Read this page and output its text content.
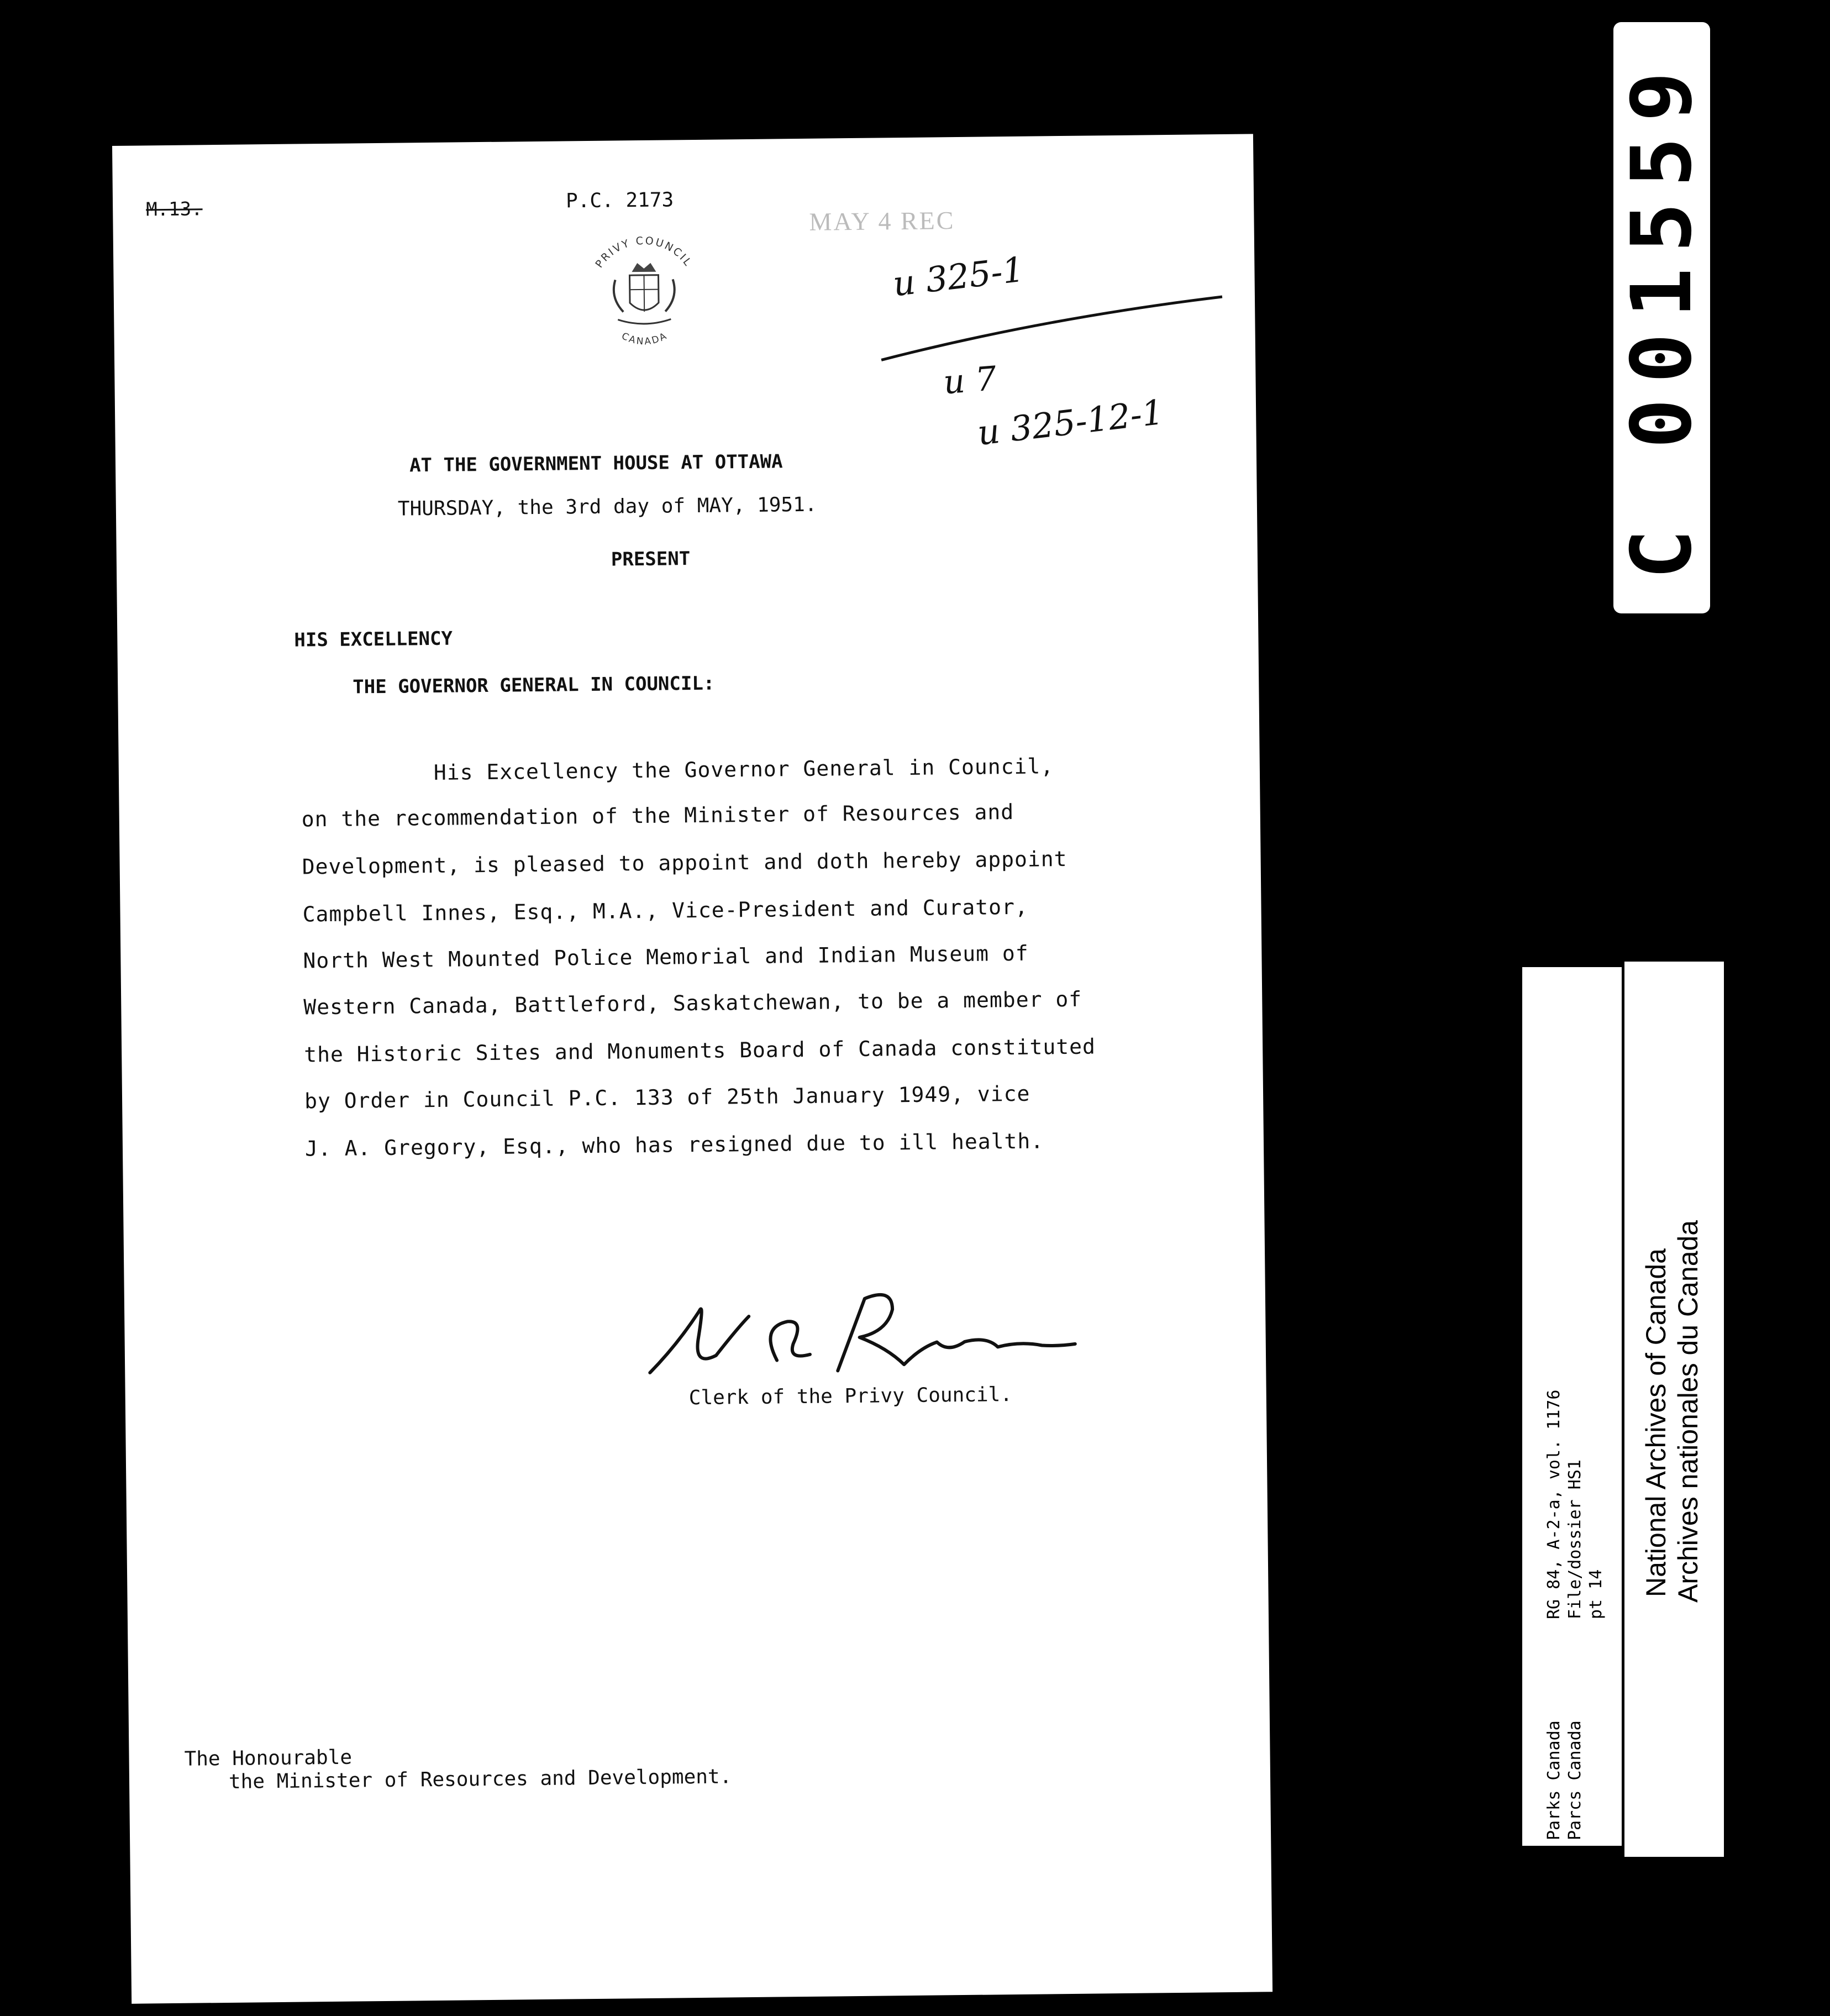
M.13.	P.C. 2173
MAY 4 REC
PRIVY COUNCIL
CANADA
u 325-1
u 7
u 325-12-1
AT THE GOVERNMENT HOUSE AT OTTAWA
THURSDAY, the 3rd day of MAY, 1951.
PRESENT
HIS EXCELLENCY
THE GOVERNOR GENERAL IN COUNCIL:
His Excellency the Governor General in Council,
on the recommendation of the Minister of Resources and
Development, is pleased to appoint and doth hereby appoint
Campbell Innes, Esq., M.A., Vice-President and Curator,
North West Mounted Police Memorial and Indian Museum of
Western Canada, Battleford, Saskatchewan, to be a member of
the Historic Sites and Monuments Board of Canada constituted
by Order in Council P.C. 133 of 25th January 1949, vice
J. A. Gregory, Esq., who has resigned due to ill health.
Clerk of the Privy Council.
The Honourable
the Minister of Resources and Development.
C 001559
RG 84, A-2-a, vol. 1176 File/dossier HS1 pt 14
Parks Canada Parcs Canada
National Archives of Canada Archives nationales du Canada
